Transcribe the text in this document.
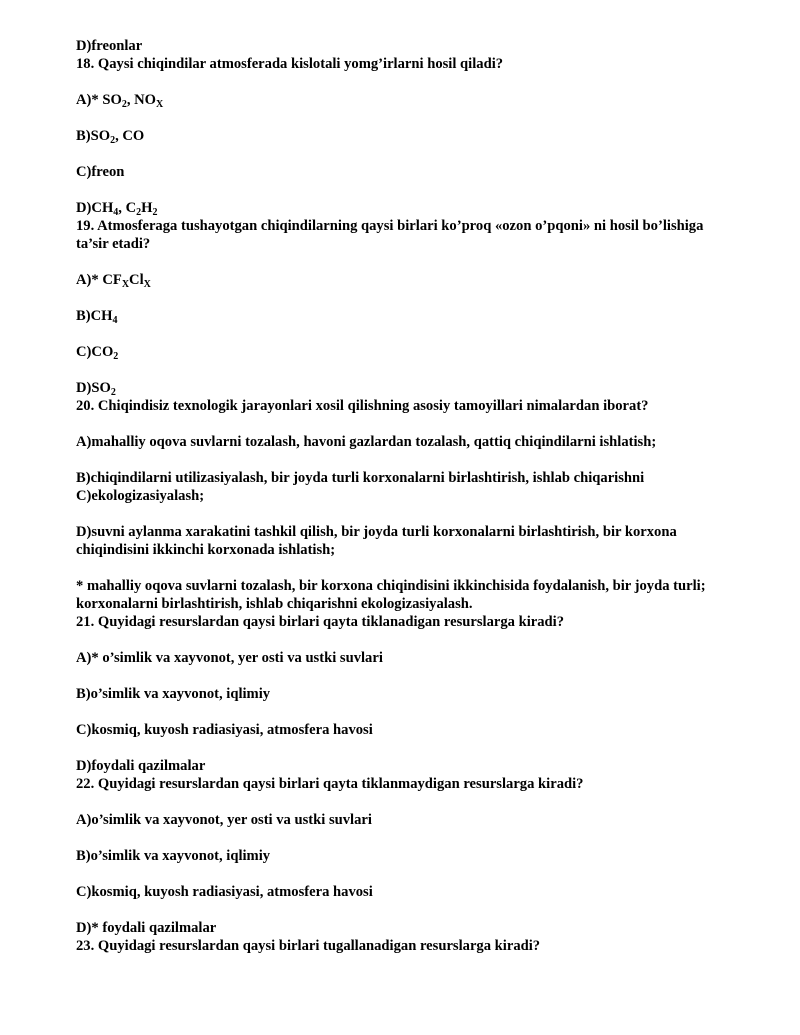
D)freonlar
18. Qaysi chiqindilar atmosferada kislotali yomg’irlarni hosil qiladi?
A)* $SO_2$, $NO_X$
$B)SO_2$, CO
C)freon
$D)CH_4$, $C_2H_2$
19. Atmosferaga tushayotgan chiqindilarning qaysi birlari ko’proq «ozon o’pqoni» ni hosil bo’lishiga
ta’sir etadi?
A)* $CF_XCl_X$
$B)CH_4$
$C)CO_2$
$D)SO_2$
20. Chiqindisiz texnologik jarayonlari xosil qilishning asosiy tamoyillari nimalardan iborat?
A)mahalliy oqova suvlarni tozalash, havoni gazlardan tozalash, qattiq chiqindilarni ishlatish;
B)chiqindilarni utilizasiyalash, bir joyda turli korxonalarni birlashtirish, ishlab chiqarishni
C)ekologizasiyalash;
D)suvni aylanma xarakatini tashkil qilish, bir joyda turli korxonalarni birlashtirish, bir korxona
chiqindisini ikkinchi korxonada ishlatish;
* mahalliy oqova suvlarni tozalash, bir korxona chiqindisini ikkinchisida foydalanish, bir joyda turli;
korxonalarni birlashtirish, ishlab chiqarishni ekologizasiyalash.
21. Quyidagi resurslardan qaysi birlari qayta tiklanadigan resurslarga kiradi?
A)* o’simlik va xayvonot, yer osti va ustki suvlari
B)o’simlik va xayvonot, iqlimiy
C)kosmiq, kuyosh radiasiyasi, atmosfera havosi
D)foydali qazilmalar
22. Quyidagi resurslardan qaysi birlari qayta tiklanmaydigan resurslarga kiradi?
A)o’simlik va xayvonot, yer osti va ustki suvlari
B)o’simlik va xayvonot, iqlimiy
C)kosmiq, kuyosh radiasiyasi, atmosfera havosi
D)* foydali qazilmalar
23. Quyidagi resurslardan qaysi birlari tugallanadigan resurslarga kiradi?
